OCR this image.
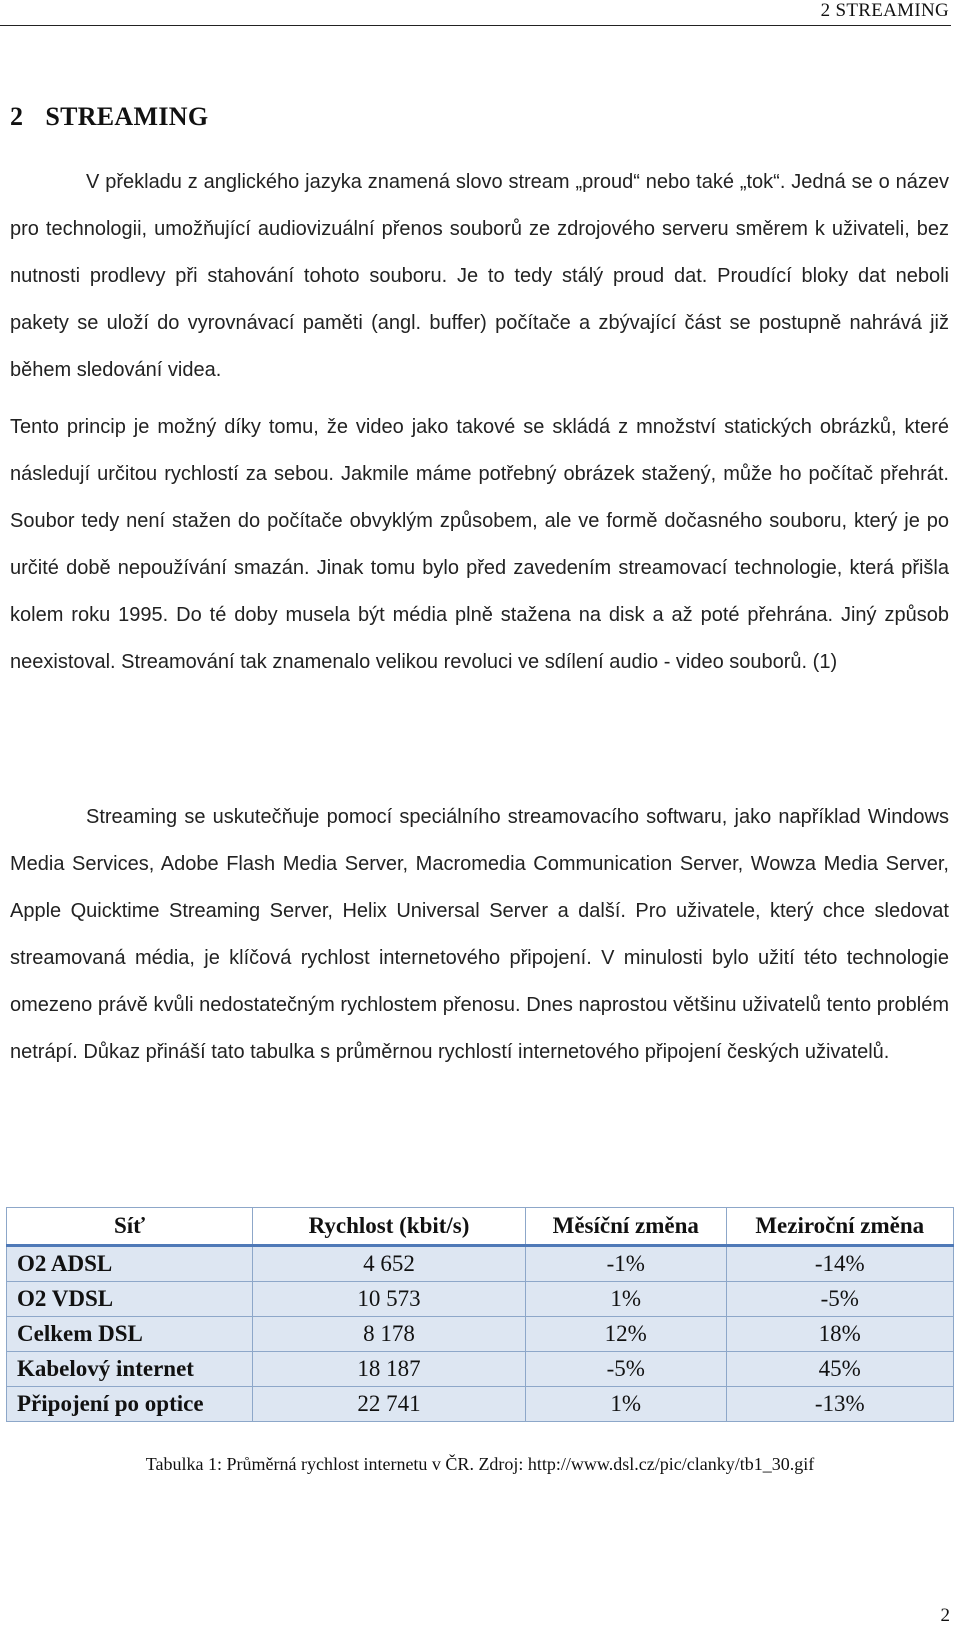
2 STREAMING
2 STREAMING

V překladu z anglického jazyka znamená slovo stream „proud“ nebo také „tok“. Jedná se o název pro technologii, umožňující audiovizuální přenos souborů ze zdrojového serveru směrem k uživateli, bez nutnosti prodlevy při stahování tohoto souboru. Je to tedy stálý proud dat. Proudící bloky dat neboli pakety se uloží do vyrovnávací paměti (angl. buffer) počítače a zbývající část se postupně nahrává již během sledování videa.

Tento princip je možný díky tomu, že video jako takové se skládá z množství statických obrázků, které následují určitou rychlostí za sebou. Jakmile máme potřebný obrázek stažený, může ho počítač přehrát. Soubor tedy není stažen do počítače obvyklým způsobem, ale ve formě dočasného souboru, který je po určité době nepoužívání smazán. Jinak tomu bylo před zavedením streamovací technologie, která přišla kolem roku 1995. Do té doby musela být média plně stažena na disk a až poté přehrána. Jiný způsob neexistoval. Streamování tak znamenalo velikou revoluci ve sdílení audio - video souborů. (1)

Streaming se uskutečňuje pomocí speciálního streamovacího softwaru, jako například Windows Media Services, Adobe Flash Media Server, Macromedia Communication Server, Wowza Media Server, Apple Quicktime Streaming Server, Helix Universal Server a další. Pro uživatele, který chce sledovat streamovaná média, je klíčová rychlost internetového připojení. V minulosti bylo užití této technologie omezeno právě kvůli nedostatečným rychlostem přenosu. Dnes naprostou většinu uživatelů tento problém netrápí. Důkaz přináší tato tabulka s průměrnou rychlostí internetového připojení českých uživatelů.

Síť	Rychlost (kbit/s)	Měsíční změna	Meziroční změna
O2 ADSL	4 652	-1%	-14%
O2 VDSL	10 573	1%	-5%
Celkem DSL	8 178	12%	18%
Kabelový internet	18 187	-5%	45%
Připojení po optice	22 741	1%	-13%
Tabulka 1: Průměrná rychlost internetu v ČR. Zdroj: http://www.dsl.cz/pic/clanky/tb1_30.gif
2
